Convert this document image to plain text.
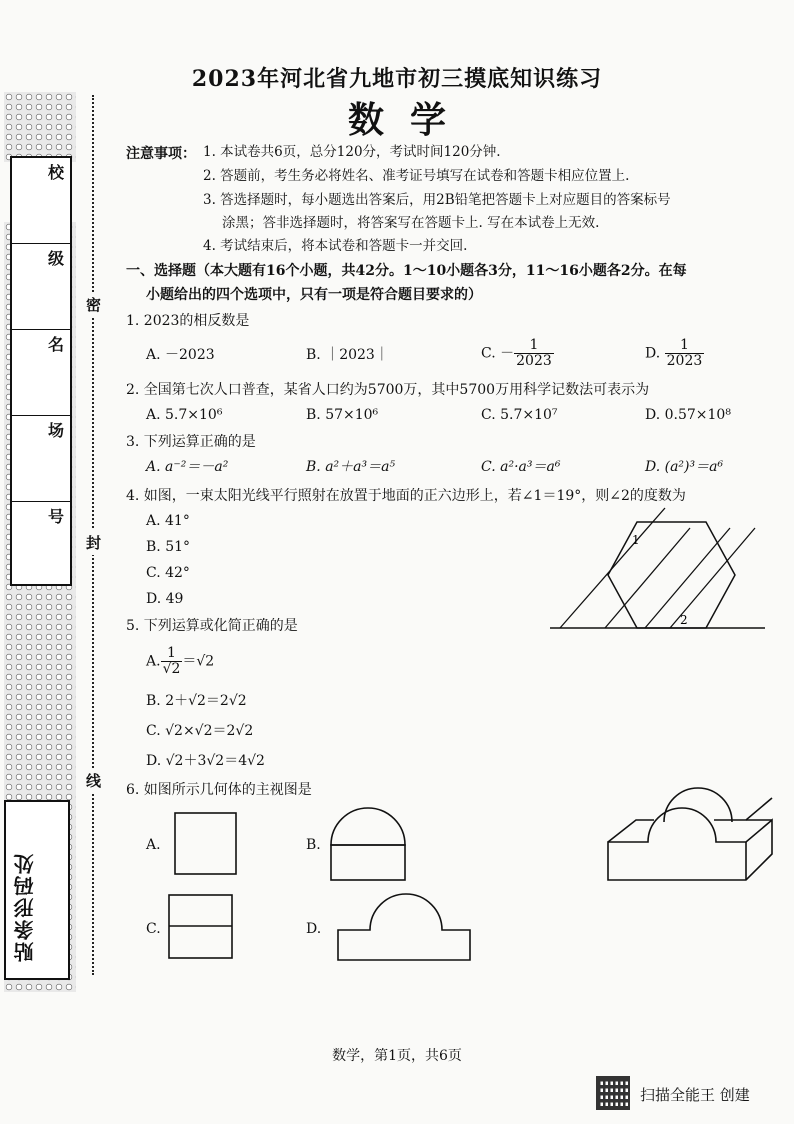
校
级
名
场
号
贴条形码处
密
封
线
2023年河北省九地市初三摸底知识练习
数学
注意事项： 1. 本试卷共6页，总分120分，考试时间120分钟.
2. 答题前，考生务必将姓名、准考证号填写在试卷和答题卡相应位置上.
3. 答选择题时，每小题选出答案后，用2B铅笔把答题卡上对应题目的答案标号
涂黑；答非选择题时，将答案写在答题卡上. 写在本试卷上无效.
4. 考试结束后，将本试卷和答题卡一并交回.
一、选择题（本大题有16个小题，共42分。1～10小题各3分，11～16小题各2分。在每
小题给出的四个选项中，只有一项是符合题目要求的）
1. 2023的相反数是
A. －2023	B. ｜2023｜	C. － $\frac{1}{2023}$	D. $\frac{1}{2023}$
2. 全国第七次人口普查，某省人口约为5700万，其中5700万用科学记数法可表示为
A. 5.7×10⁶	B. 57×10⁶	C. 5.7×10⁷	D. 0.57×10⁸
3. 下列运算正确的是
A. a⁻²＝－a²	B. a²＋a³＝a⁵	C. a²·a³＝a⁶	D. (a²)³＝a⁶
4. 如图，一束太阳光线平行照射在放置于地面的正六边形上，若∠1＝19°，则∠2的度数为
A. 41°
B. 51°
C. 42°
D. 49
1
2
5. 下列运算或化简正确的是
A. $\frac{1}{√2} =√2$
B. 2＋√2＝2√2
C. √2×√2＝2√2
D. √2＋3√2＝4√2
6. 如图所示几何体的主视图是
A.	B.
C.	D.
数学，第1页，共6页
扫描全能王 创建
